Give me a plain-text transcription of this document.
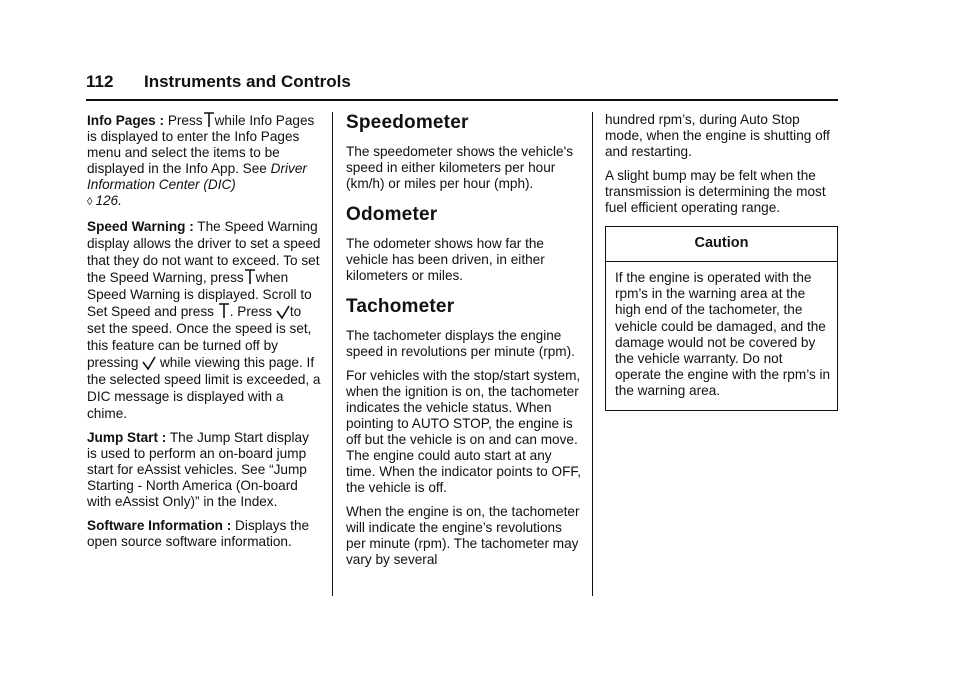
112 Instruments and Controls

Info Pages : Press while Info Pages is displayed to enter the Info Pages menu and select the items to be displayed in the Info App. See Driver Information Center (DIC)
◊ 126.

Speed Warning : The Speed Warning display allows the driver to set a speed that they do not want to exceed. To set the Speed Warning, press when Speed Warning is displayed. Scroll to Set Speed and press . Press to set the speed. Once the speed is set, this feature can be turned off by pressing while viewing this page. If the selected speed limit is exceeded, a DIC message is displayed with a chime.

Jump Start : The Jump Start display is used to perform an on-board jump start for eAssist vehicles. See “Jump Starting - North America (On-board with eAssist Only)” in the Index.

Software Information : Displays the open source software information.

Speedometer

The speedometer shows the vehicle's speed in either kilometers per hour (km/h) or miles per hour (mph).

Odometer

The odometer shows how far the vehicle has been driven, in either kilometers or miles.

Tachometer

The tachometer displays the engine speed in revolutions per minute (rpm).

For vehicles with the stop/start system, when the ignition is on, the tachometer indicates the vehicle status. When pointing to AUTO STOP, the engine is off but the vehicle is on and can move. The engine could auto start at any time. When the indicator points to OFF, the vehicle is off.

When the engine is on, the tachometer will indicate the engine’s revolutions per minute (rpm). The tachometer may vary by several

hundred rpm’s, during Auto Stop mode, when the engine is shutting off and restarting.

A slight bump may be felt when the transmission is determining the most fuel efficient operating range.

Caution
If the engine is operated with the rpm’s in the warning area at the high end of the tachometer, the vehicle could be damaged, and the damage would not be covered by the vehicle warranty. Do not operate the engine with the rpm’s in the warning area.
